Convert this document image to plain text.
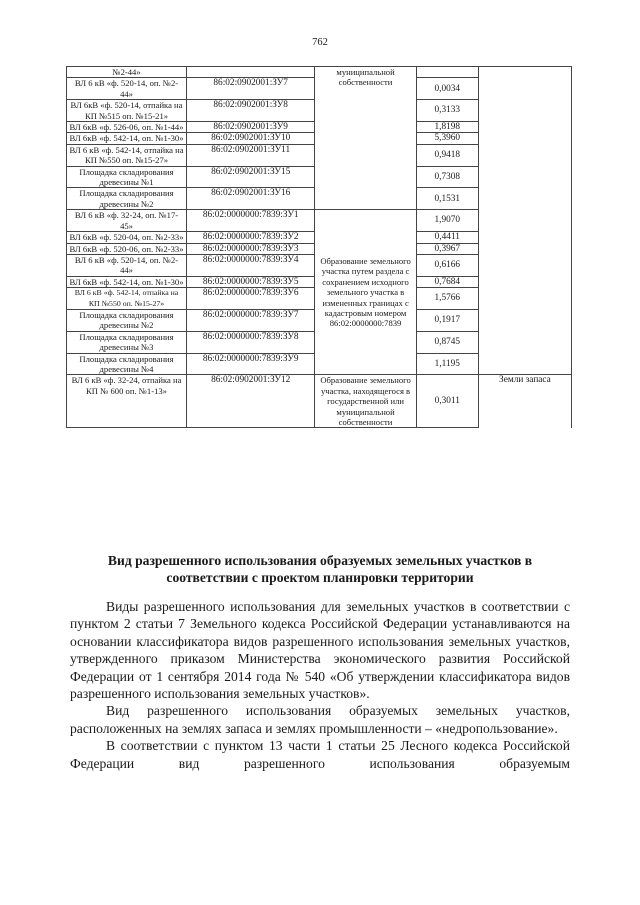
762
№2-44»		муниципальной
собственности		
ВЛ 6 кВ «ф. 520-14, оп. №2-44»	86:02:0902001:ЗУ7		0,0034	
ВЛ 6кВ «ф. 520-14, отпайка на КП №515 оп. №15-21»	86:02:0902001:ЗУ8		0,3133	
ВЛ 6кВ «ф. 526-06, оп. №1-44»	86:02:0902001:ЗУ9		1,8198	
ВЛ 6кВ «ф. 542-14, оп. №1-30»	86:02:0902001:ЗУ10		5,3960	
ВЛ 6 кВ «ф. 542-14, отпайка на КП №550 оп. №15-27»	86:02:0902001:ЗУ11		0,9418	
Площадка складирования древесины №1	86:02:0902001:ЗУ15		0,7308	
Площадка складирования древесины №2	86:02:0902001:ЗУ16		0,1531	
ВЛ 6 кВ «ф. 32-24, оп. №17-45»	86:02:0000000:7839:ЗУ1	Образование земельного участка путем раздела с сохранением исходного земельного участка в измененных границах с кадастровым номером 86:02:0000000:7839	1,9070	
ВЛ 6кВ «ф. 520-04, оп. №2-33»	86:02:0000000:7839:ЗУ2		0,4411	
ВЛ 6кВ «ф. 520-06, оп. №2-33»	86:02:0000000:7839:ЗУ3		0,3967	
ВЛ 6 кВ «ф. 520-14, оп. №2-44»	86:02:0000000:7839:ЗУ4		0,6166	
ВЛ 6кВ «ф. 542-14, оп. №1-30»	86:02:0000000:7839:ЗУ5		0,7684	
ВЛ 6 кВ «ф. 542-14, отпайка на КП №550 оп. №15-27»	86:02:0000000:7839:ЗУ6		1,5766	
Площадка складирования древесины №2	86:02:0000000:7839:ЗУ7		0,1917	
Площадка складирования древесины №3	86:02:0000000:7839:ЗУ8		0,8745	
Площадка складирования древесины №4	86:02:0000000:7839:ЗУ9		1,1195	
ВЛ 6 кВ «ф. 32-24, отпайка на КП № 600 оп. №1-13»	86:02:0902001:ЗУ12	Образование земельного участка, находящегося в государственной или муниципальной собственности	0,3011	Земли запаса
Вид разрешенного использования образуемых земельных участков в соответствии с проектом планировки территории

Виды разрешенного использования для земельных участков в соответствии с пунктом 2 статьи 7 Земельного кодекса Российской Федерации устанавливаются на основании классификатора видов разрешенного использования земельных участков, утвержденного приказом Министерства экономического развития Российской Федерации от 1 сентября 2014 года № 540 «Об утверждении классификатора видов разрешенного использования земельных участков».

Вид разрешенного использования образуемых земельных участков, расположенных на землях запаса и землях промышленности – «недропользование».

В соответствии с пунктом 13 части 1 статьи 25 Лесного кодекса Российской Федерации вид разрешенного использования образуемым
